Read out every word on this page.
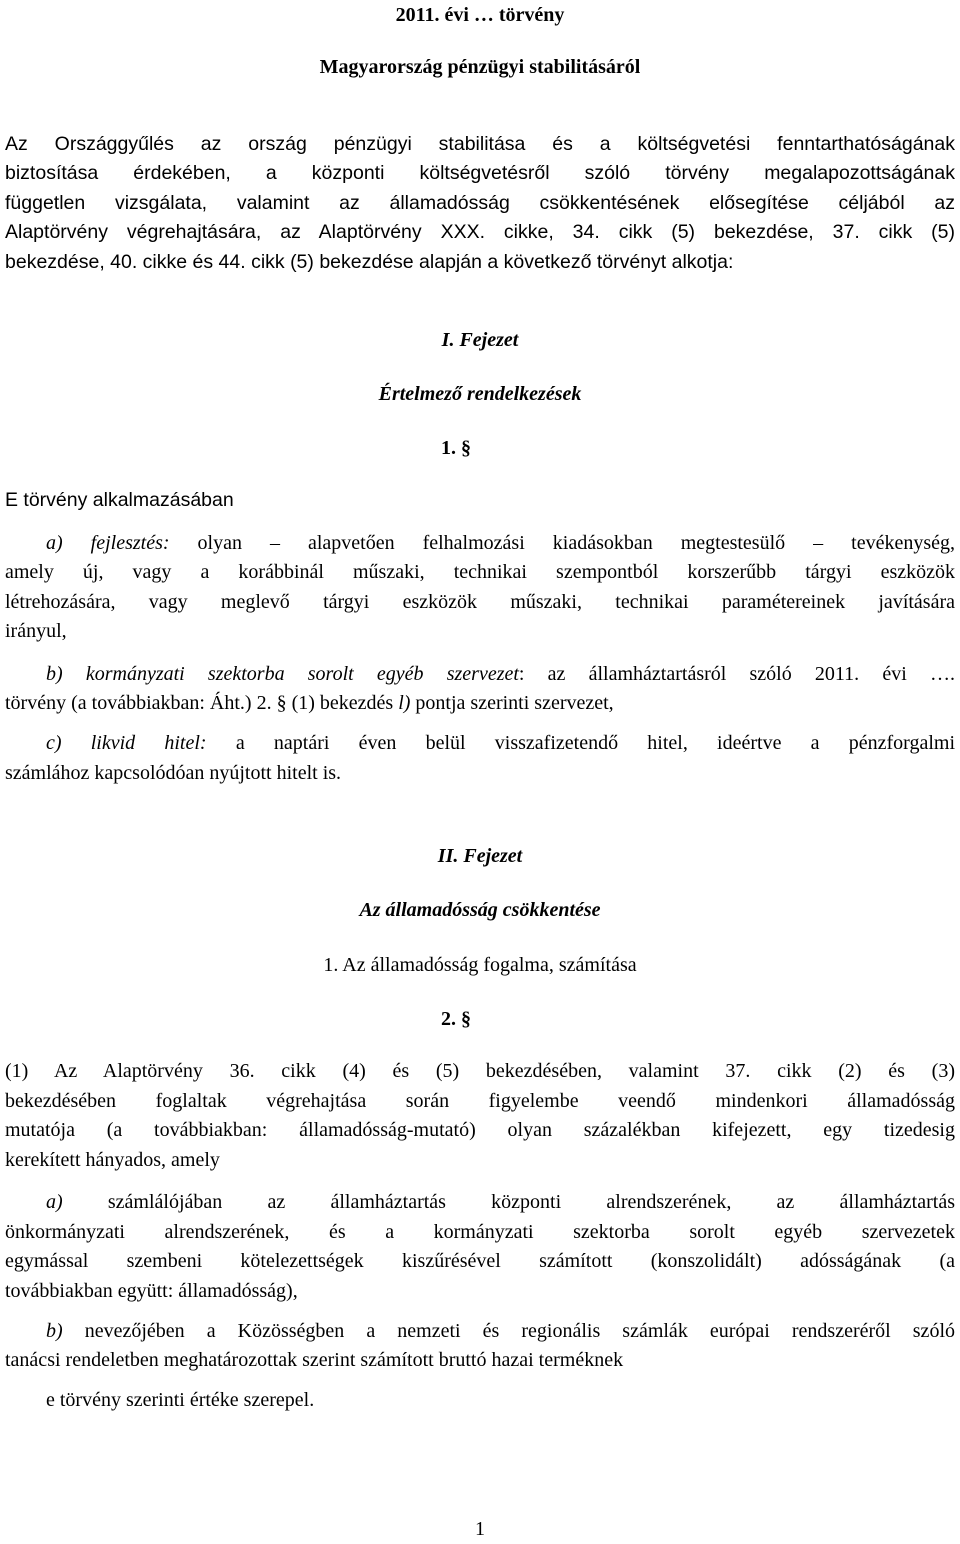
2011. évi … törvény
Magyarország pénzügyi stabilitásáról
Az Országgyűlés az ország pénzügyi stabilitása és a költségvetési fenntarthatóságának
biztosítása érdekében, a központi költségvetésről szóló törvény megalapozottságának
független vizsgálata, valamint az államadósság csökkentésének elősegítése céljából az
Alaptörvény végrehajtására, az Alaptörvény XXX. cikke, 34. cikk (5) bekezdése, 37. cikk (5)
bekezdése, 40. cikke és 44. cikk (5) bekezdése alapján a következő törvényt alkotja:
I. Fejezet
Értelmező rendelkezések
1. §
E törvény alkalmazásában
a) fejlesztés: olyan – alapvetően felhalmozási kiadásokban megtestesülő – tevékenység,
amely új, vagy a korábbinál műszaki, technikai szempontból korszerűbb tárgyi eszközök
létrehozására, vagy meglevő tárgyi eszközök műszaki, technikai paramétereinek javítására
irányul,
b) kormányzati szektorba sorolt egyéb szervezet: az államháztartásról szóló 2011. évi ….
törvény (a továbbiakban: Áht.) 2. § (1) bekezdés l) pontja szerinti szervezet,
c) likvid hitel: a naptári éven belül visszafizetendő hitel, ideértve a pénzforgalmi
számlához kapcsolódóan nyújtott hitelt is.
II. Fejezet
Az államadósság csökkentése
1. Az államadósság fogalma, számítása
2. §
(1) Az Alaptörvény 36. cikk (4) és (5) bekezdésében, valamint 37. cikk (2) és (3)
bekezdésében foglaltak végrehajtása során figyelembe veendő mindenkori államadósság
mutatója (a továbbiakban: államadósság-mutató) olyan százalékban kifejezett, egy tizedesig
kerekített hányados, amely
a) számlálójában az államháztartás központi alrendszerének, az államháztartás
önkormányzati alrendszerének, és a kormányzati szektorba sorolt egyéb szervezetek
egymással szembeni kötelezettségek kiszűrésével számított (konszolidált) adósságának (a
továbbiakban együtt: államadósság),
b) nevezőjében a Közösségben a nemzeti és regionális számlák európai rendszeréről szóló
tanácsi rendeletben meghatározottak szerint számított bruttó hazai terméknek
e törvény szerinti értéke szerepel.
1
